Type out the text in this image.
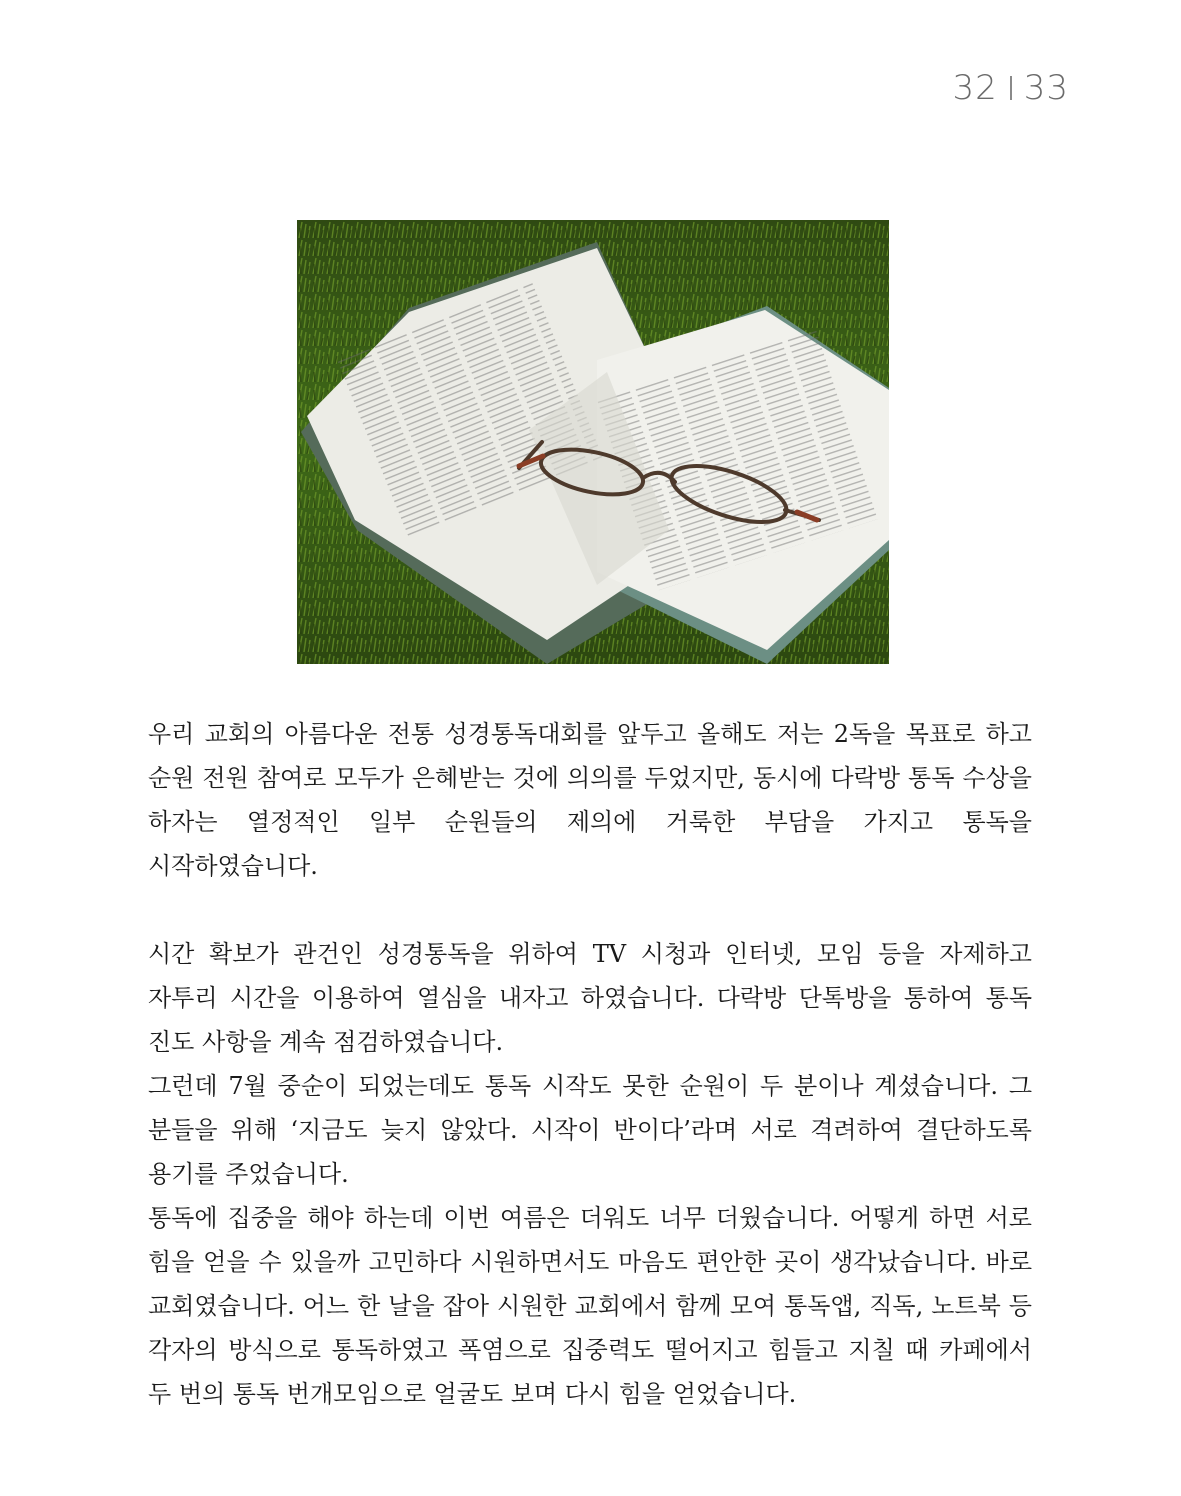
32 33

우리 교회의 아름다운 전통 성경통독대회를 앞두고 올해도 저는 2독을 목표로 하고 순원 전원 참여로 모두가 은혜받는 것에 의의를 두었지만, 동시에 다락방 통독 수상을 하자는 열정적인 일부 순원들의 제의에 거룩한 부담을 가지고 통독을 시작하였습니다.

시간 확보가 관건인 성경통독을 위하여 TV 시청과 인터넷, 모임 등을 자제하고 자투리 시간을 이용하여 열심을 내자고 하였습니다. 다락방 단톡방을 통하여 통독 진도 사항을 계속 점검하였습니다.

그런데 7월 중순이 되었는데도 통독 시작도 못한 순원이 두 분이나 계셨습니다. 그 분들을 위해 ‘지금도 늦지 않았다. 시작이 반이다’라며 서로 격려하여 결단하도록 용기를 주었습니다.

통독에 집중을 해야 하는데 이번 여름은 더워도 너무 더웠습니다. 어떻게 하면 서로 힘을 얻을 수 있을까 고민하다 시원하면서도 마음도 편안한 곳이 생각났습니다. 바로 교회였습니다. 어느 한 날을 잡아 시원한 교회에서 함께 모여 통독앱, 직독, 노트북 등 각자의 방식으로 통독하였고 폭염으로 집중력도 떨어지고 힘들고 지칠 때 카페에서 두 번의 통독 번개모임으로 얼굴도 보며 다시 힘을 얻었습니다.
